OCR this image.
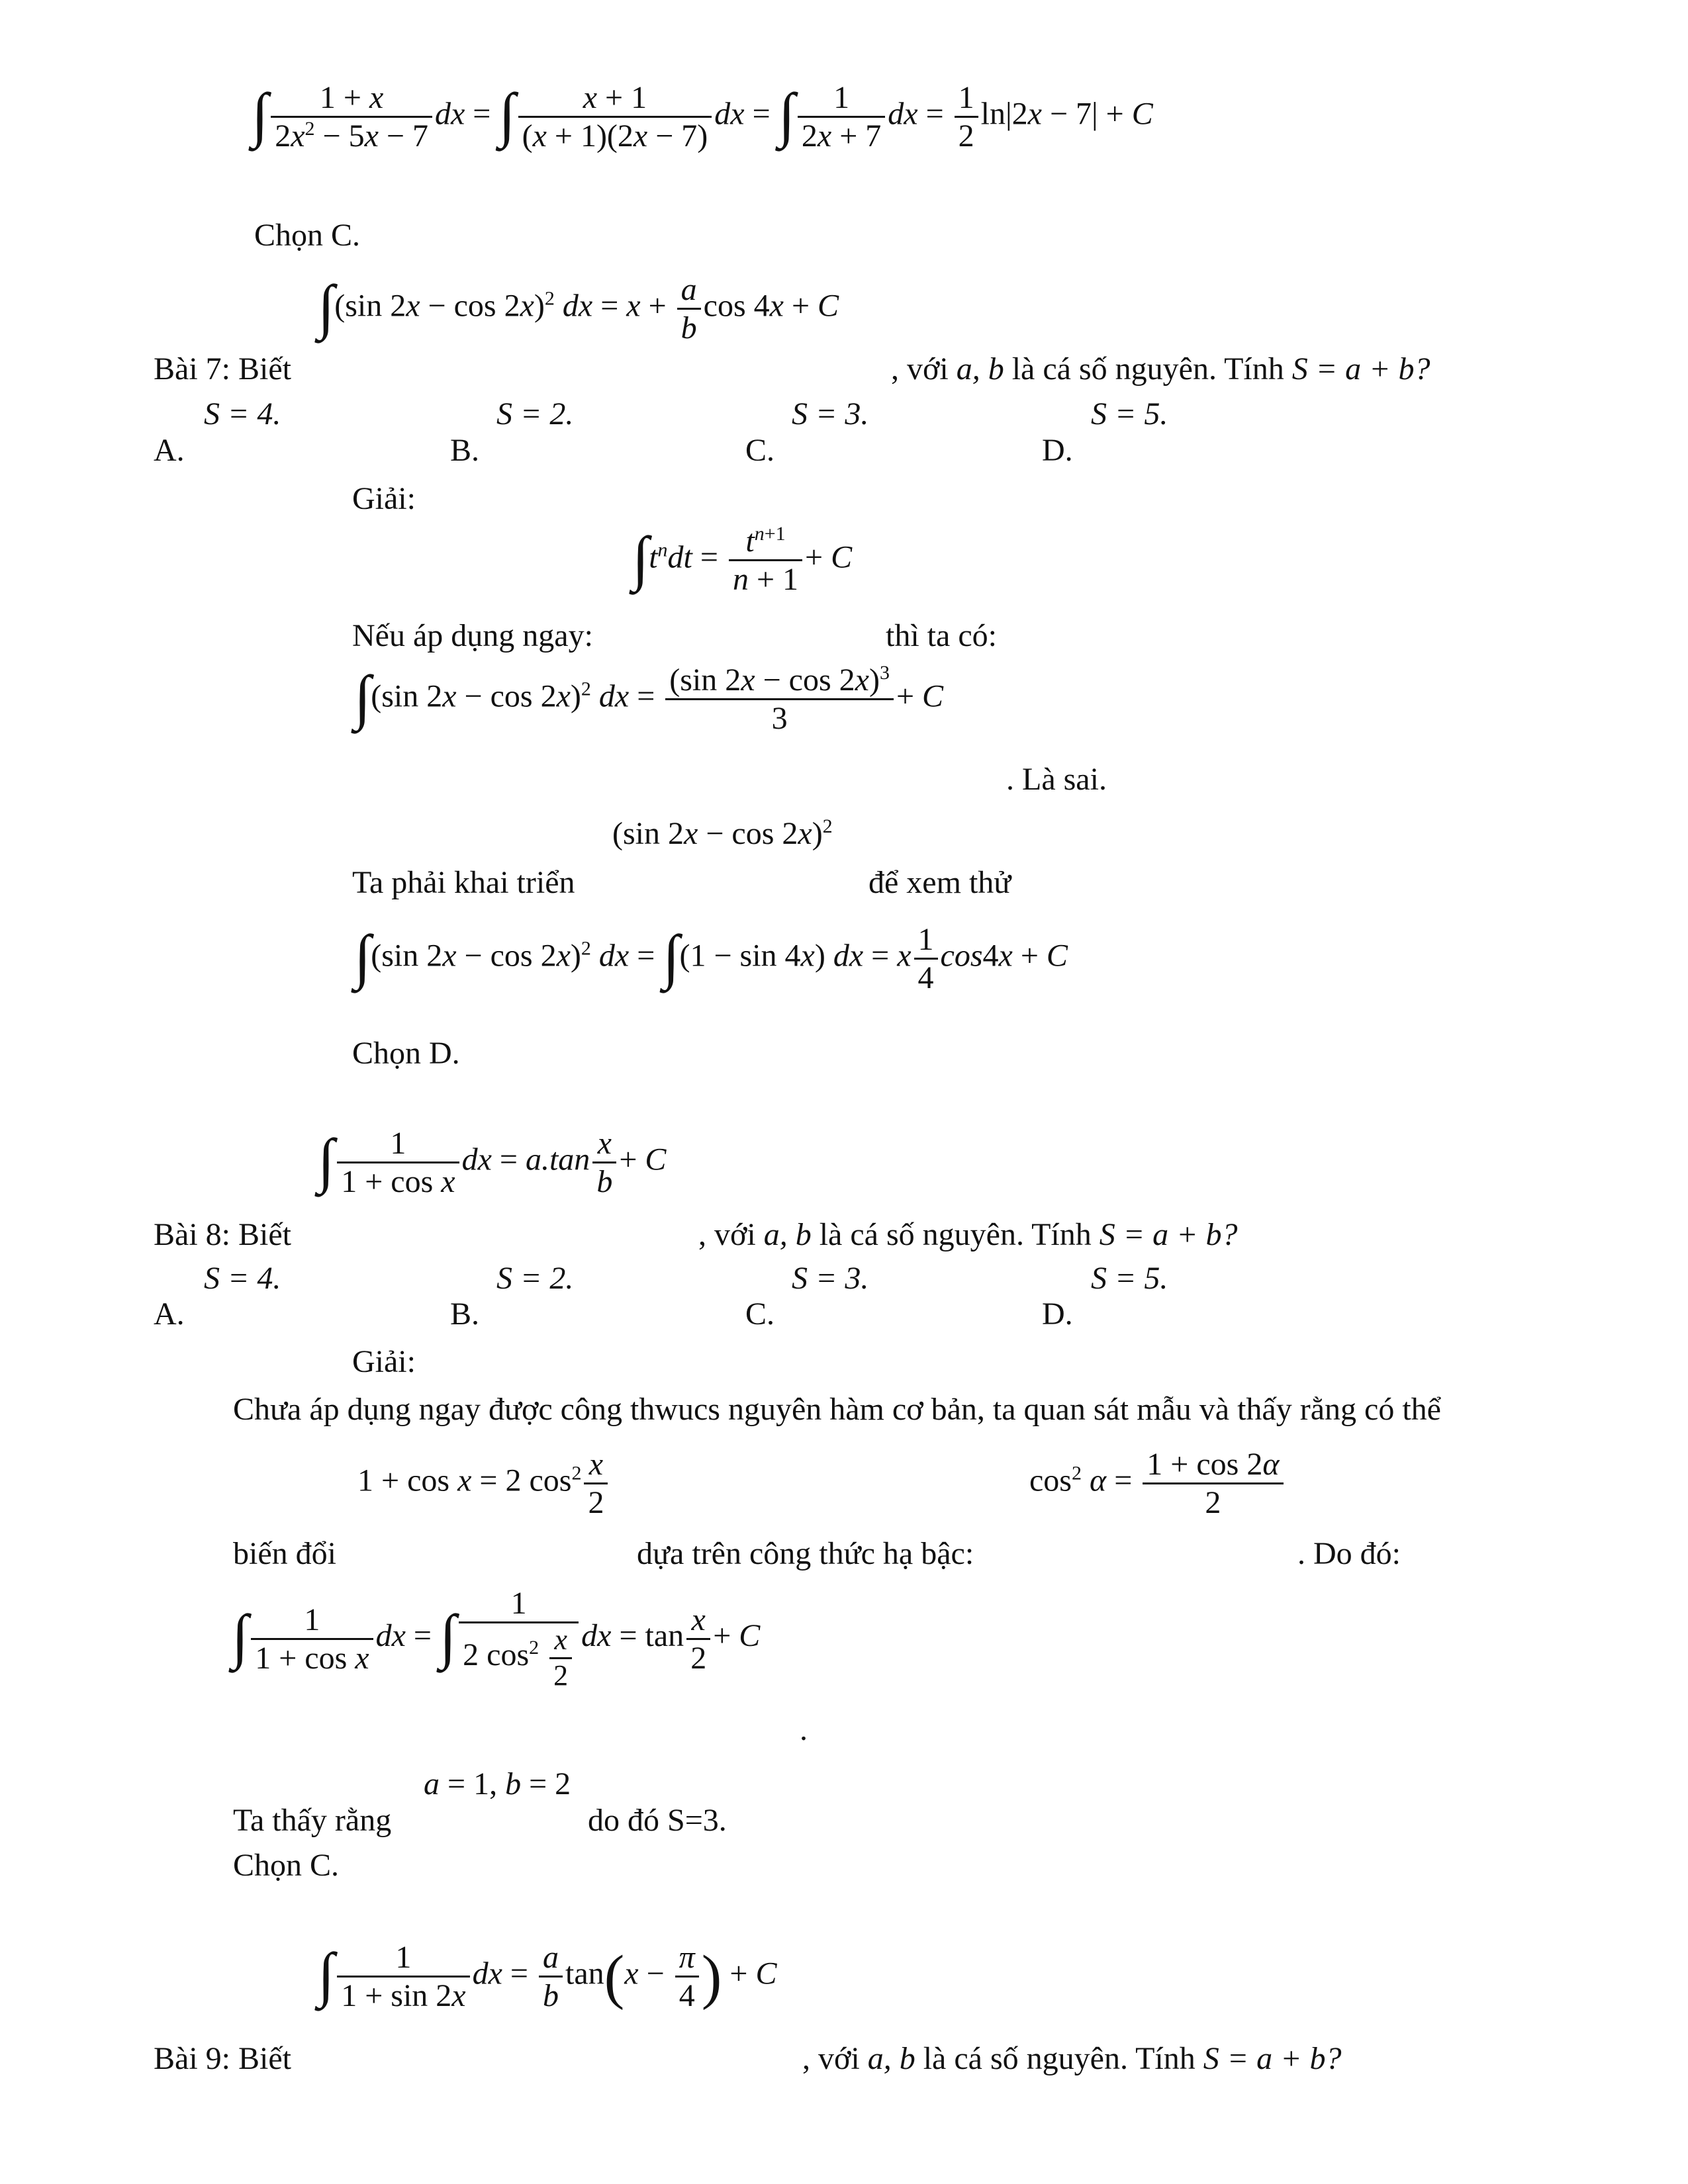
∫ $\frac{1 + x}{2x^2 - 5x - 7}$ dx = ∫ $\frac{x + 1}{(x + 1)(2x - 7)}$ dx = ∫ $\frac{1}{2x + 7}$ dx = $\frac{1}{2} \ln|2x - 7| + C$
Chọn C.
∫(sin 2x − cos 2x)$^2$ dx = $x + \frac{a}{b}$ cos 4x + C
Bài 7: Biết	, với a, b là cá số nguyên. Tính S = a + b?
S = 4.	S = 2.	S = 3.	S = 5.
A.	B.	C.	D.
Giải:
$\int t^ndt = \frac{t^{n+1}}{n + 1} + C$
Nếu áp dụng ngay:	thì ta có:
∫(sin 2x − cos 2x)$^2$ dx = $\frac{(\sin 2x - \cos 2x)^3}{3} + C$
. Là sai.
(sin 2x − cos 2x)$^2$
Ta phải khai triển	để xem thử
∫(sin 2x − cos 2x)$^2$ dx = ∫(1 − sin 4x) dx = x $\frac{1}{4} \cos 4x + C$
Chọn D.
∫ $\frac{1}{\text{1 + cos x}}$ dx = $a.\tan \frac{x}{b} + C$
Bài 8: Biết	, với a, b là cá số nguyên. Tính S = a + b?
S = 4.	S = 2.	S = 3.	S = 5.
A.	B.	C.	D.
Giải:
Chưa áp dụng ngay được công thwucs nguyên hàm cơ bản, ta quan sát mẫu và thấy rằng có thể
1 + cos x = 2 $\cos^2 \frac{x}{2}$	$\cos^2 \alpha = \frac{1 + \cos 2\alpha}{2}$
biến đổi	dựa trên công thức hạ bậc:	. Do đó:
∫ $\frac{1}{\text{1 + cos x}}$ dx = ∫ $\frac{1}{2 \cos^2 \frac{x}{2}}$ dx = $\tan \frac{x}{2} + C$
.
a = 1, b = 2
Ta thấy rằng	do đó S=3.
Chọn C.
∫ $\frac{1}{1 + \sin 2x}$ dx = $\frac{a}{b} \tan(x - \frac{\pi}{4}$ ) + C
Bài 9: Biết	, với a, b là cá số nguyên. Tính S = a + b?
